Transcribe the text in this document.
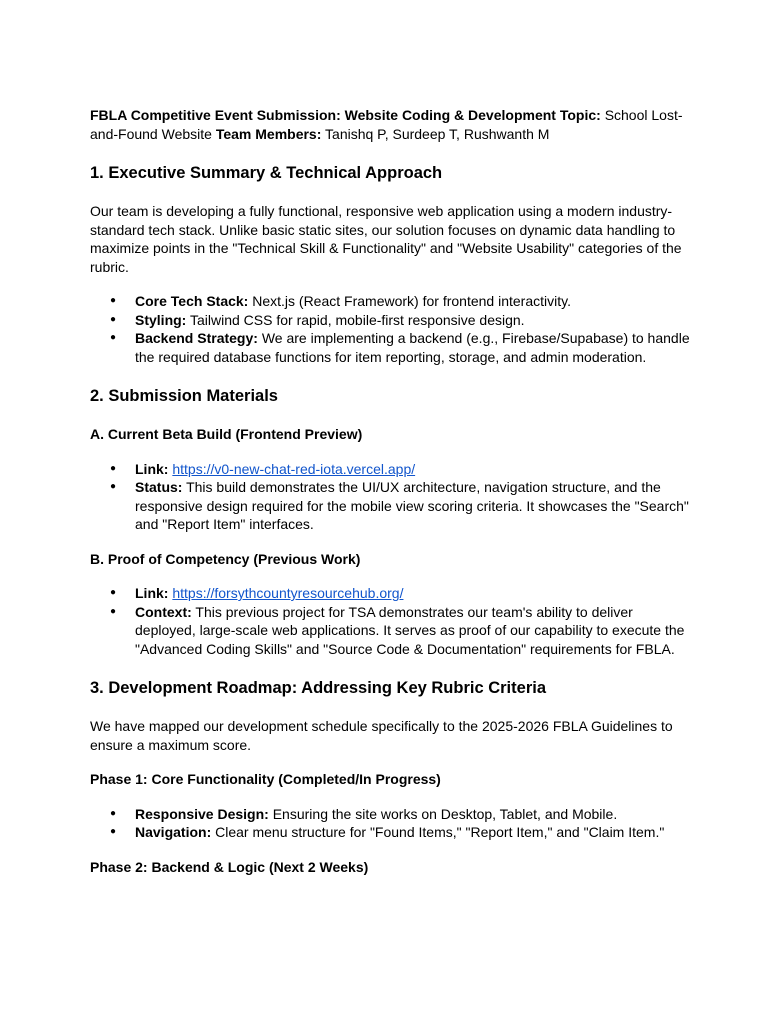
FBLA Competitive Event Submission: Website Coding & Development Topic: School Lost-and-Found Website Team Members: Tanishq P, Surdeep T, Rushwanth M

1. Executive Summary & Technical Approach

Our team is developing a fully functional, responsive web application using a modern industry-standard tech stack. Unlike basic static sites, our solution focuses on dynamic data handling to maximize points in the "Technical Skill & Functionality" and "Website Usability" categories of the rubric.

● Core Tech Stack: Next.js (React Framework) for frontend interactivity.
● Styling: Tailwind CSS for rapid, mobile-first responsive design.
● Backend Strategy: We are implementing a backend (e.g., Firebase/Supabase) to handle the required database functions for item reporting, storage, and admin moderation.
2. Submission Materials
A. Current Beta Build (Frontend Preview)
● Link: https://v0-new-chat-red-iota.vercel.app/
● Status: This build demonstrates the UI/UX architecture, navigation structure, and the responsive design required for the mobile view scoring criteria. It showcases the "Search" and "Report Item" interfaces.
B. Proof of Competency (Previous Work)
● Link: https://forsythcountyresourcehub.org/
● Context: This previous project for TSA demonstrates our team's ability to deliver deployed, large-scale web applications. It serves as proof of our capability to execute the "Advanced Coding Skills" and "Source Code & Documentation" requirements for FBLA.
3. Development Roadmap: Addressing Key Rubric Criteria

We have mapped our development schedule specifically to the 2025-2026 FBLA Guidelines to ensure a maximum score.

Phase 1: Core Functionality (Completed/In Progress)
● Responsive Design: Ensuring the site works on Desktop, Tablet, and Mobile.
● Navigation: Clear menu structure for "Found Items," "Report Item," and "Claim Item."
Phase 2: Backend & Logic (Next 2 Weeks)
